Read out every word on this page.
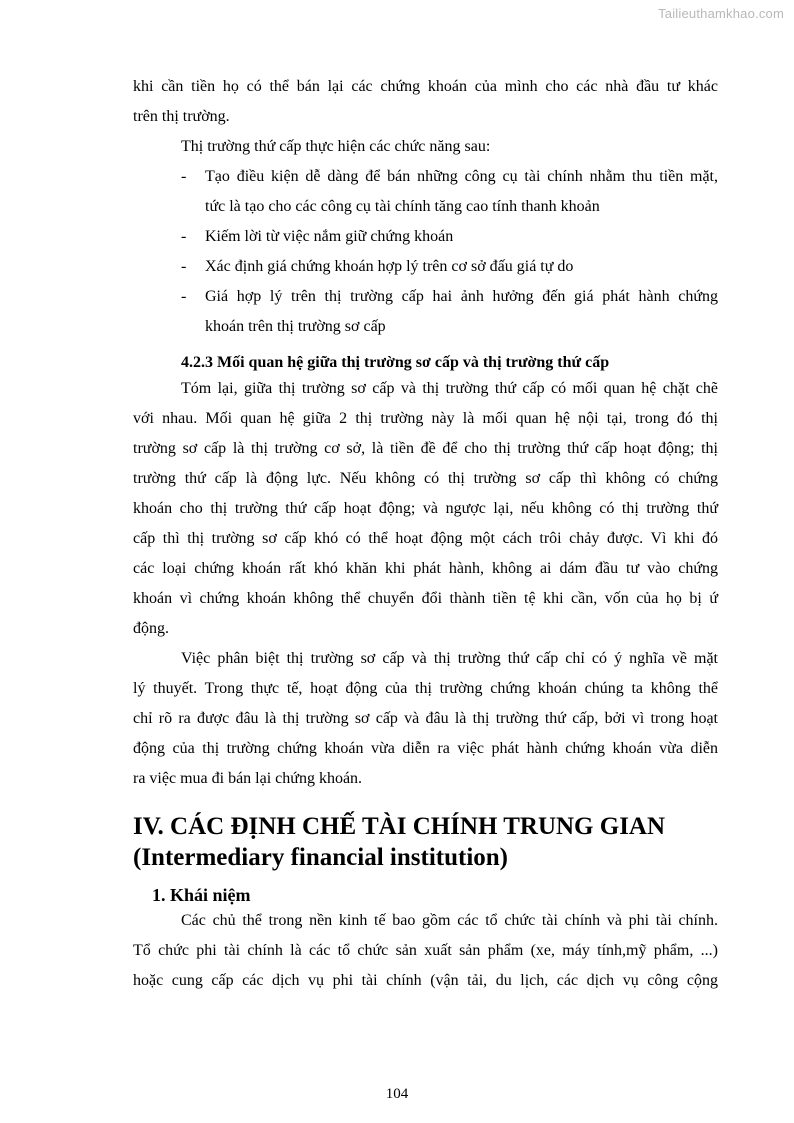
Tailieuthamkhao.com
khi cần tiền họ có thể bán lại các chứng khoán của mình cho các nhà đầu tư khác
trên thị trường.
Thị trường thứ cấp thực hiện các chức năng sau:
- Tạo điều kiện dễ dàng để bán những công cụ tài chính nhằm thu tiền mặt,
tức là tạo cho các công cụ tài chính tăng cao tính thanh khoản
- Kiếm lời từ việc nắm giữ chứng khoán
- Xác định giá chứng khoán hợp lý trên cơ sở đấu giá tự do
- Giá hợp lý trên thị trường cấp hai ảnh hưởng đến giá phát hành chứng
khoán trên thị trường sơ cấp
4.2.3 Mối quan hệ giữa thị trường sơ cấp và thị trường thứ cấp
Tóm lại, giữa thị trường sơ cấp và thị trường thứ cấp có mối quan hệ chặt chẽ
với nhau. Mối quan hệ giữa 2 thị trường này là mối quan hệ nội tại, trong đó thị
trường sơ cấp là thị trường cơ sở, là tiền đề để cho thị trường thứ cấp hoạt động; thị
trường thứ cấp là động lực. Nếu không có thị trường sơ cấp thì không có chứng
khoán cho thị trường thứ cấp hoạt động; và ngược lại, nếu không có thị trường thứ
cấp thì thị trường sơ cấp khó có thể hoạt động một cách trôi chảy được. Vì khi đó
các loại chứng khoán rất khó khăn khi phát hành, không ai dám đầu tư vào chứng
khoán vì chứng khoán không thể chuyển đổi thành tiền tệ khi cần, vốn của họ bị ứ
động.
Việc phân biệt thị trường sơ cấp và thị trường thứ cấp chỉ có ý nghĩa về mặt
lý thuyết. Trong thực tế, hoạt động của thị trường chứng khoán chúng ta không thể
chỉ rõ ra được đâu là thị trường sơ cấp và đâu là thị trường thứ cấp, bởi vì trong hoạt
động của thị trường chứng khoán vừa diễn ra việc phát hành chứng khoán vừa diễn
ra việc mua đi bán lại chứng khoán.
IV. CÁC ĐỊNH CHẾ TÀI CHÍNH TRUNG GIAN
(Intermediary financial institution)
1. Khái niệm
Các chủ thể trong nền kinh tế bao gồm các tổ chức tài chính và phi tài chính.
Tổ chức phi tài chính là các tổ chức sản xuất sản phẩm (xe, máy tính,mỹ phẩm, ...)
hoặc cung cấp các dịch vụ phi tài chính (vận tải, du lịch, các dịch vụ công cộng
104
